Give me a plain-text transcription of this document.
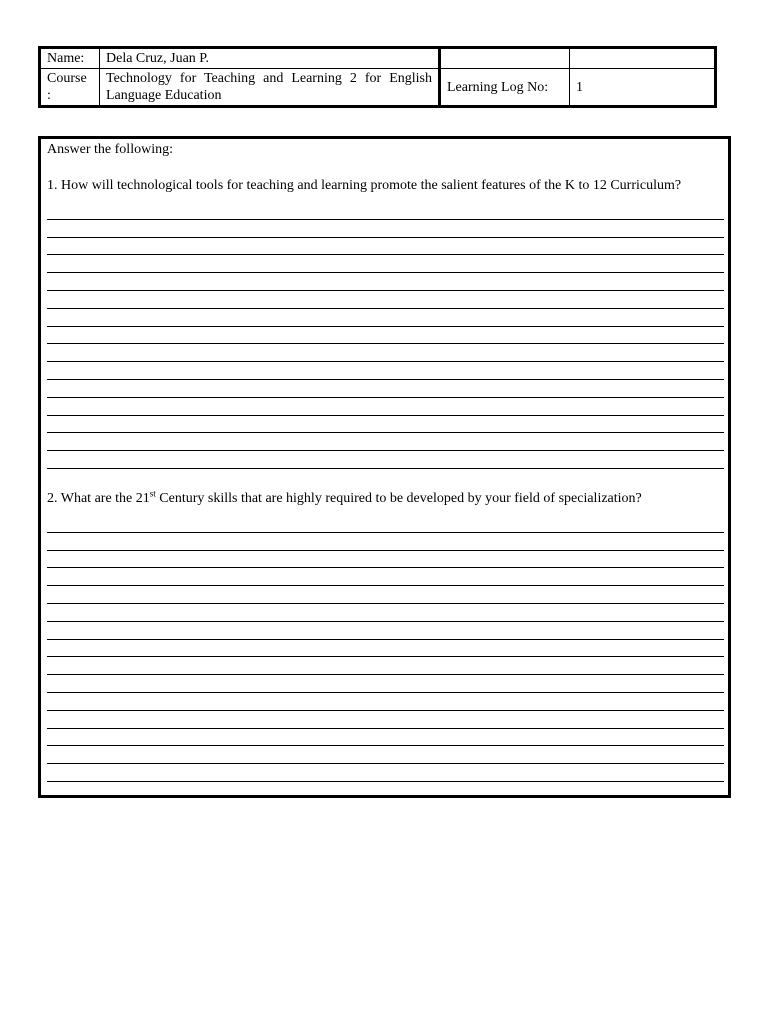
Name:	Dela Cruz, Juan P.		
Course :	Technology for Teaching and Learning 2 for English Language Education	Learning Log No:	1

Answer the following:

1. How will technological tools for teaching and learning promote the salient features of the K to 12 Curriculum?

2. What are the 21st Century skills that are highly required to be developed by your field of specialization?
